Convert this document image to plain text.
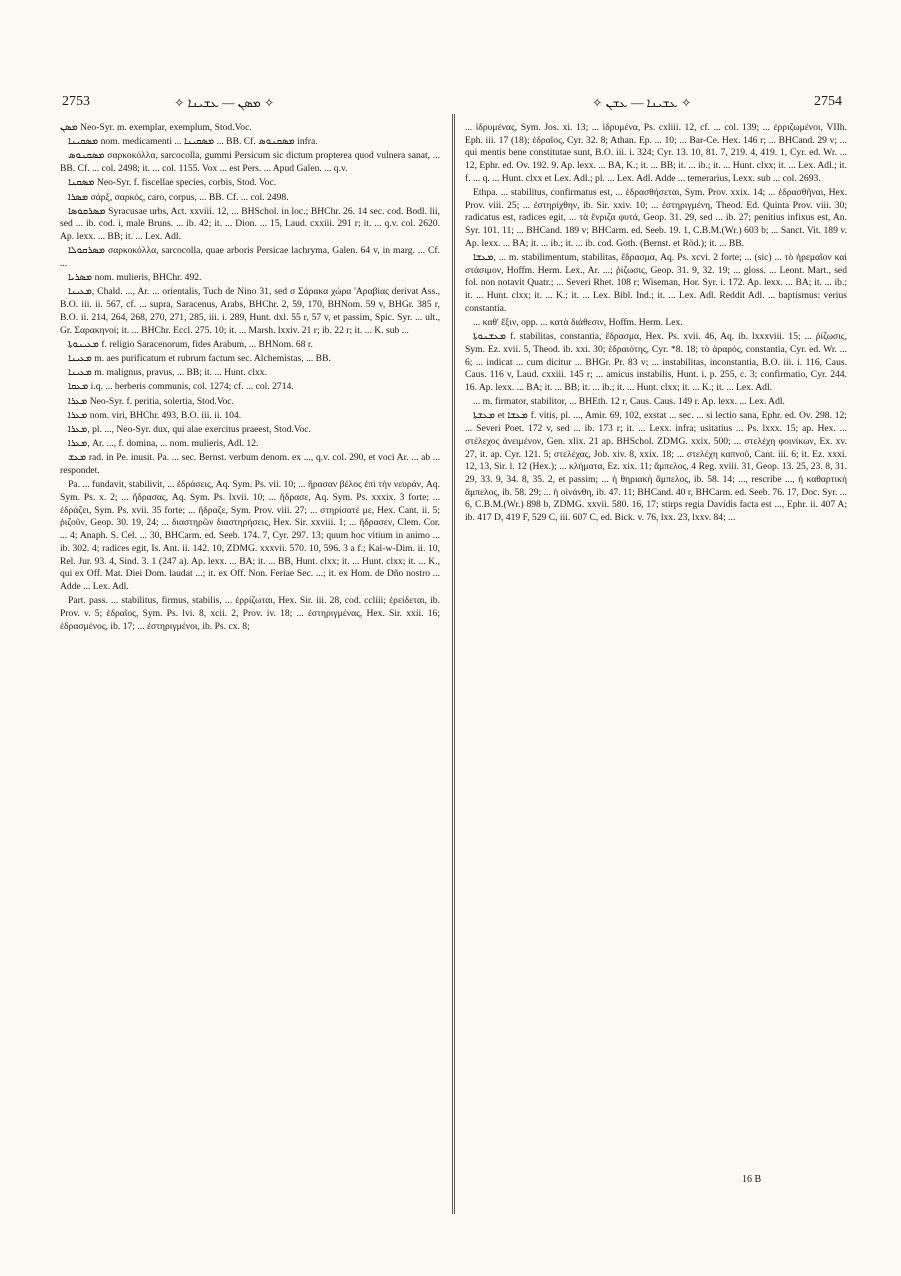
2753	✧ ܡܣܢ — ܥܫܝܢܐ ✧	✧ ܥܫܝܢܐ — ܥܫܢ ✧	2754

ܡܣܢ Neo-Syr. m. exemplar, exemplum, Stod.Voc.

ܡܣܩܝܢܐ nom. medicamenti ... ܡܣܩܝܢܐ ... BB. Cf. ܡܣܩܢܘܣ infra.

ܡܣܩܢܘܣ σαρκοκόλλα, sarcocolla, gummi Persicum sic dictum propterea quod vulnera sanat, ... BB. Cf. ... col. 2498; it. ... col. 1155. Vox ... est Pers. ... Apud Galen. ... q.v.

ܡܣܩܢܐ Neo-Syr. f. fiscellae species, corbis, Stod. Voc.

ܡܣܪܐ σάρξ, σαρκός, caro, corpus, ... BB. Cf. ... col. 2498.

ܡܣܪܩܘܣܐ Syracusae urbs, Act. xxviii. 12, ... BHSchol. in loc.; BHChr. 26. 14 sec. cod. Bodl. lii, sed ... ib. cod. i, male Bruns. ... ib. 42; it. ... Dion. ... 15, Laud. cxxiii. 291 r; it. ... q.v. col. 2620. Ap. lexx. ... BB; it. ... Lex. Adl.

ܡܣܪܩܘܠܐ σαρκοκόλλα, sarcocolla, quae arboris Persicae lachryma, Galen. 64 v, in marg. ... Cf. ...

ܡܣܪܝܐ nom. mulieris, BHChr. 492.

ܡܥܝܢܐ, Chald. ..., Ar. ... orientalis, Tuch de Nino 31, sed σ Σάρακα χώρα 'Αραβίας derivat Ass., B.O. iii. ii. 567, cf. ... supra, Saracenus, Arabs, BHChr. 2, 59, 170, BHNom. 59 v, BHGr. 385 r, B.O. ii. 214, 264, 268, 270, 271, 285, iii. i. 289, Hunt. dxl. 55 r, 57 v, et passim, Spic. Syr. ... ult., Gr. Σαρακηνοί; it. ... BHChr. Eccl. 275. 10; it. ... Marsh. lxxiv. 21 r; ib. 22 r; it. ... K. sub ...

ܡܥܝܢܘܬܐ f. religio Saracenorum, fides Arabum, ... BHNom. 68 r.

ܡܥܝܢܐ m. aes purificatum et rubrum factum sec. Alchemistas, ... BB.

ܡܥܝܢܐ m. malignus, pravus, ... BB; it. ... Hunt. clxx.

ܡܥܩܐ i.q. ... berberis communis, col. 1274; cf. ... col. 2714.

ܡܥܪܐ Neo-Syr. f. peritia, solertia, Stod.Voc.

ܡܥܪܐ nom. viri, BHChr. 493, B.O. iii. ii. 104.

ܡܥܪܐ, pl. ..., Neo-Syr. dux, qui alae exercitus praeest, Stod.Voc.

ܡܥܪܐ, Ar. ..., f. domina, ... nom. mulieris, Adl. 12.

ܡܥܫ rad. in Pe. inusit. Pa. ... sec. Bernst. verbum denom. ex ..., q.v. col. 290, et voci Ar. ... ab ... respondet.

Pa. ... fundavit, stabilivit, ... ἐδράσεις, Aq. Sym. Ps. vii. 10; ... ἥρασαν βέλος ἐπὶ τὴν νευράν, Aq. Sym. Ps. x. 2; ... ἥδρασας, Aq. Sym. Ps. lxvii. 10; ... ἥδρασε, Aq. Sym. Ps. xxxix. 3 forte; ... ἑδράζει, Sym. Ps. xvii. 35 forte; ... ἥδραζε, Sym. Prov. viii. 27; ... στηρίσατέ με, Hex. Cant. ii. 5; ῥιζοῦν, Geop. 30. 19, 24; ... διαστηρῶν διαστηρήσεις, Hex. Sir. xxviii. 1; ... ἥδρασεν, Clem. Cor. ... 4; Anaph. S. Cel. ... 30, BHCarm. ed. Seeb. 174. 7, Cyr. 297. 13; quum hoc vitium in animo ... ib. 302. 4; radices egit, Is. Ant. ii. 142. 10, ZDMG. xxxvii. 570. 10, 596. 3 a f.; Kal-w-Dim. ii. 10, Rel. Jur. 93. 4, Sind. 3. 1 (247 a). Ap. lexx. ... BA; it. ... BB, Hunt. clxx; it. ... Hunt. clxx; it. ... K., qui ex Off. Mat. Diei Dom. laudat ...; it. ex Off. Non. Feriae Sec. ...; it. ex Hom. de Dño nostro ... Adde ... Lex. Adl.

Part. pass. ... stabilitus, firmus, stabilis, ... ἐρρίζωται, Hex. Sir. iii. 28, cod. ccliii; ἐρείδεται, ib. Prov. v. 5; ἑδραῖος, Sym. Ps. lvi. 8, xcii. 2, Prov. iv. 18; ... ἐστηριγμένας, Hex. Sir. xxii. 16; ἑδρασμένος, ib. 17; ... ἐστηριγμένοι, ib. Ps. cx. 8;

... ἱδρυμένας, Sym. Jos. xi. 13; ... ἱδρυμένα, Ps. cxliii. 12, cf. ... col. 139; ... ἐρριζωμένοι, VIIh. Eph. iii. 17 (18); ἑδραῖος, Cyr. 32. 8; Athan. Ep. ... 10; ... Bar-Ce. Hex. 146 r; ... BHCand. 29 v; ... qui mentis bene constitutae sunt, B.O. iii. i. 324; Cyr. 13. 10, 81. 7, 219. 4, 419. 1, Cyr. ed. Wr. ... 12, Ephr. ed. Ov. 192. 9. Ap. lexx. ... BA, K.; it. ... BB; it. ... ib.; it. ... Hunt. clxx; it. ... Lex. Adl.; it. f. ... q. ... Hunt. clxx et Lex. Adl.; pl. ... Lex. Adl. Adde ... temerarius, Lexx. sub ... col. 2693.

Ethpa. ... stabilitus, confirmatus est, ... ἑδρασθήσεται, Sym. Prov. xxix. 14; ... ἑδρασθῆναι, Hex. Prov. viii. 25; ... ἐστηρίχθην, ib. Sir. xxiv. 10; ... ἐστηριγμένη, Theod. Ed. Quinta Prov. viii. 30; radicatus est, radices egit, ... τὰ ἔνριζα φυτά, Geop. 31. 29, sed ... ib. 27; penitius infixus est, An. Syr. 101. 11; ... BHCand. 189 v; BHCarm. ed. Seeb. 19. 1, C.B.M.(Wr.) 603 b; ... Sanct. Vit. 189 v. Ap. lexx. ... BA; it. ... ib.; it. ... ib. cod. Goth. (Bernst. et Röd.); it. ... BB.

ܡܥܫܐ, ... m. stabilimentum, stabilitas, ἕδρασμα, Aq. Ps. xcvi. 2 forte; ... (sic) ... τὸ ἡρεμαῖον καὶ στάσιμον, Hoffm. Herm. Lex., Ar. ...; ῥίζωσις, Geop. 31. 9, 32. 19; ... gloss. ... Leont. Mart., sed fol. non notavit Quatr.; ... Severi Rhet. 108 r; Wiseman, Hor. Syr. i. 172. Ap. lexx. ... BA; it. ... ib.; it. ... Hunt. clxx; it. ... K.; it. ... Lex. Bibl. Ind.; it. ... Lex. Adl. Reddit Adl. ... baptismus: verius constantia.

... καθ' ἕξιν, opp. ... κατὰ διάθεσιν, Hoffm. Herm. Lex.

ܡܥܫܢܘܬܐ f. stabilitas, constantia, ἕδρασμα, Hex. Ps. xvii. 46, Aq. ib. lxxxviii. 15; ... ῥίζωσις, Sym. Ez. xvii. 5, Theod. ib. xxi. 30; ἑδραιότης, Cyr. *8. 18; τὸ ἀραρός, constantia, Cyr. ed. Wr. ... 6; ... indicat ... cum dicitur ... BHGr. Pr. 83 v; ... instabilitas, inconstantia, B.O. iii. i. 116, Caus. Caus. 116 v, Laud. cxxiii. 145 r; ... amicus instabilis, Hunt. i. p. 255, c. 3; confirmatio, Cyr. 244. 16. Ap. lexx. ... BA; it. ... BB; it. ... ib.; it. ... Hunt. clxx; it. ... K.; it. ... Lex. Adl.

... m. firmator, stabilitor, ... BHEth. 12 r, Caus. Caus. 149 r. Ap. lexx. ... Lex. Adl.

ܡܥܫܬܐ et ܡܥܫܐ f. vitis, pl. ..., Amir. 69, 102, exstat ... sec. ... si lectio sana, Ephr. ed. Ov. 298. 12; ... Severi Poet. 172 v, sed ... ib. 173 r; it. ... Lexx. infra; usitatius ... Ps. lxxx. 15; ap. Hex. ... στέλεχος ἀνειμένον, Gen. xlix. 21 ap. BHSchol. ZDMG. xxix. 500; ... στελέχη φοινίκων, Ex. xv. 27, it. ap. Cyr. 121. 5; στελέχας, Job. xiv. 8, xxix. 18; ... στελέχη καπνοῦ, Cant. iii. 6; it. Ez. xxxi. 12, 13, Sir. l. 12 (Hex.); ... κλήματα, Ez. xix. 11; ἄμπελος, 4 Reg. xviii. 31, Geop. 13. 25, 23. 8, 31. 29, 33. 9, 34. 8, 35. 2, et passim; ... ἡ θηριακὴ ἄμπελος, ib. 58. 14; ..., rescribe ..., ἡ καθαρτικὴ ἄμπελος, ib. 58. 29; ... ἡ οἰνάνθη, ib. 47. 11; BHCand. 40 r, BHCarm. ed. Seeb. 76. 17, Doc. Syr. ... 6, C.B.M.(Wr.) 898 b, ZDMG. xxvii. 580. 16, 17; stirps regia Davidis facta est ..., Ephr. ii. 407 A; ib. 417 D, 419 F, 529 C, iii. 607 C, ed. Bick. v. 76, lxx. 23, lxxv. 84; ...

16 B
